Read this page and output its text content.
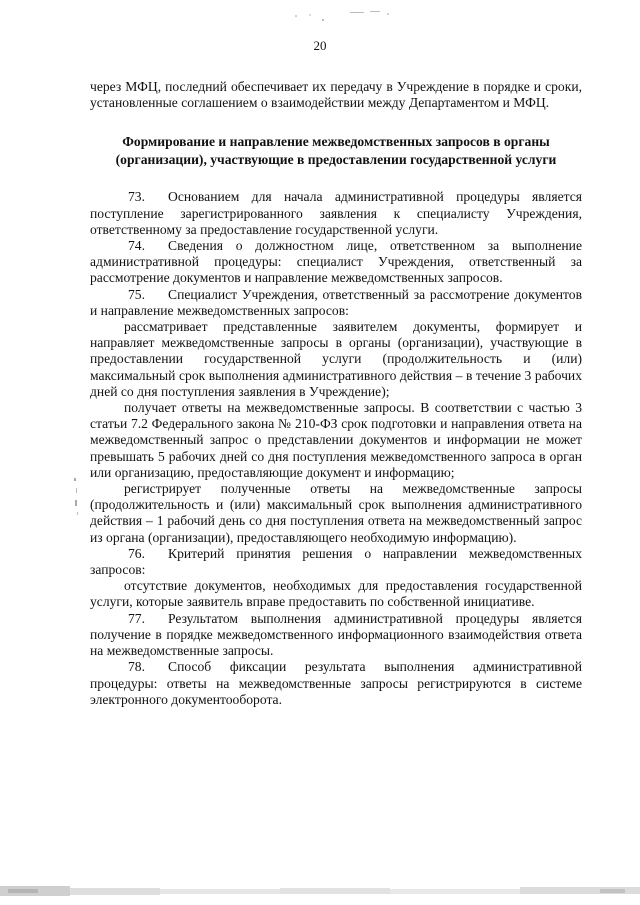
20

через МФЦ, последний обеспечивает их передачу в Учреждение в порядке и сроки, установленные соглашением о взаимодействии между Департаментом и МФЦ.

Формирование и направление межведомственных запросов в органы (организации), участвующие в предоставлении государственной услуги

73. Основанием для начала административной процедуры является поступление зарегистрированного заявления к специалисту Учреждения, ответственному за предоставление государственной услуги.

74. Сведения о должностном лице, ответственном за выполнение административной процедуры: специалист Учреждения, ответственный за рассмотрение документов и направление межведомственных запросов.

75. Специалист Учреждения, ответственный за рассмотрение документов и направление межведомственных запросов:

рассматривает представленные заявителем документы, формирует и направляет межведомственные запросы в органы (организации), участвующие в предоставлении государственной услуги (продолжительность и (или) максимальный срок выполнения административного действия – в течение 3 рабочих дней со дня поступления заявления в Учреждение);

получает ответы на межведомственные запросы. В соответствии с частью 3 статьи 7.2 Федерального закона № 210-ФЗ срок подготовки и направления ответа на межведомственный запрос о представлении документов и информации не может превышать 5 рабочих дней со дня поступления межведомственного запроса в орган или организацию, предоставляющие документ и информацию;

регистрирует полученные ответы на межведомственные запросы (продолжительность и (или) максимальный срок выполнения административного действия – 1 рабочий день со дня поступления ответа на межведомственный запрос из органа (организации), предоставляющего необходимую информацию).

76. Критерий принятия решения о направлении межведомственных запросов:

отсутствие документов, необходимых для предоставления государственной услуги, которые заявитель вправе предоставить по собственной инициативе.

77. Результатом выполнения административной процедуры является получение в порядке межведомственного информационного взаимодействия ответа на межведомственные запросы.

78. Способ фиксации результата выполнения административной процедуры: ответы на межведомственные запросы регистрируются в системе электронного документооборота.
